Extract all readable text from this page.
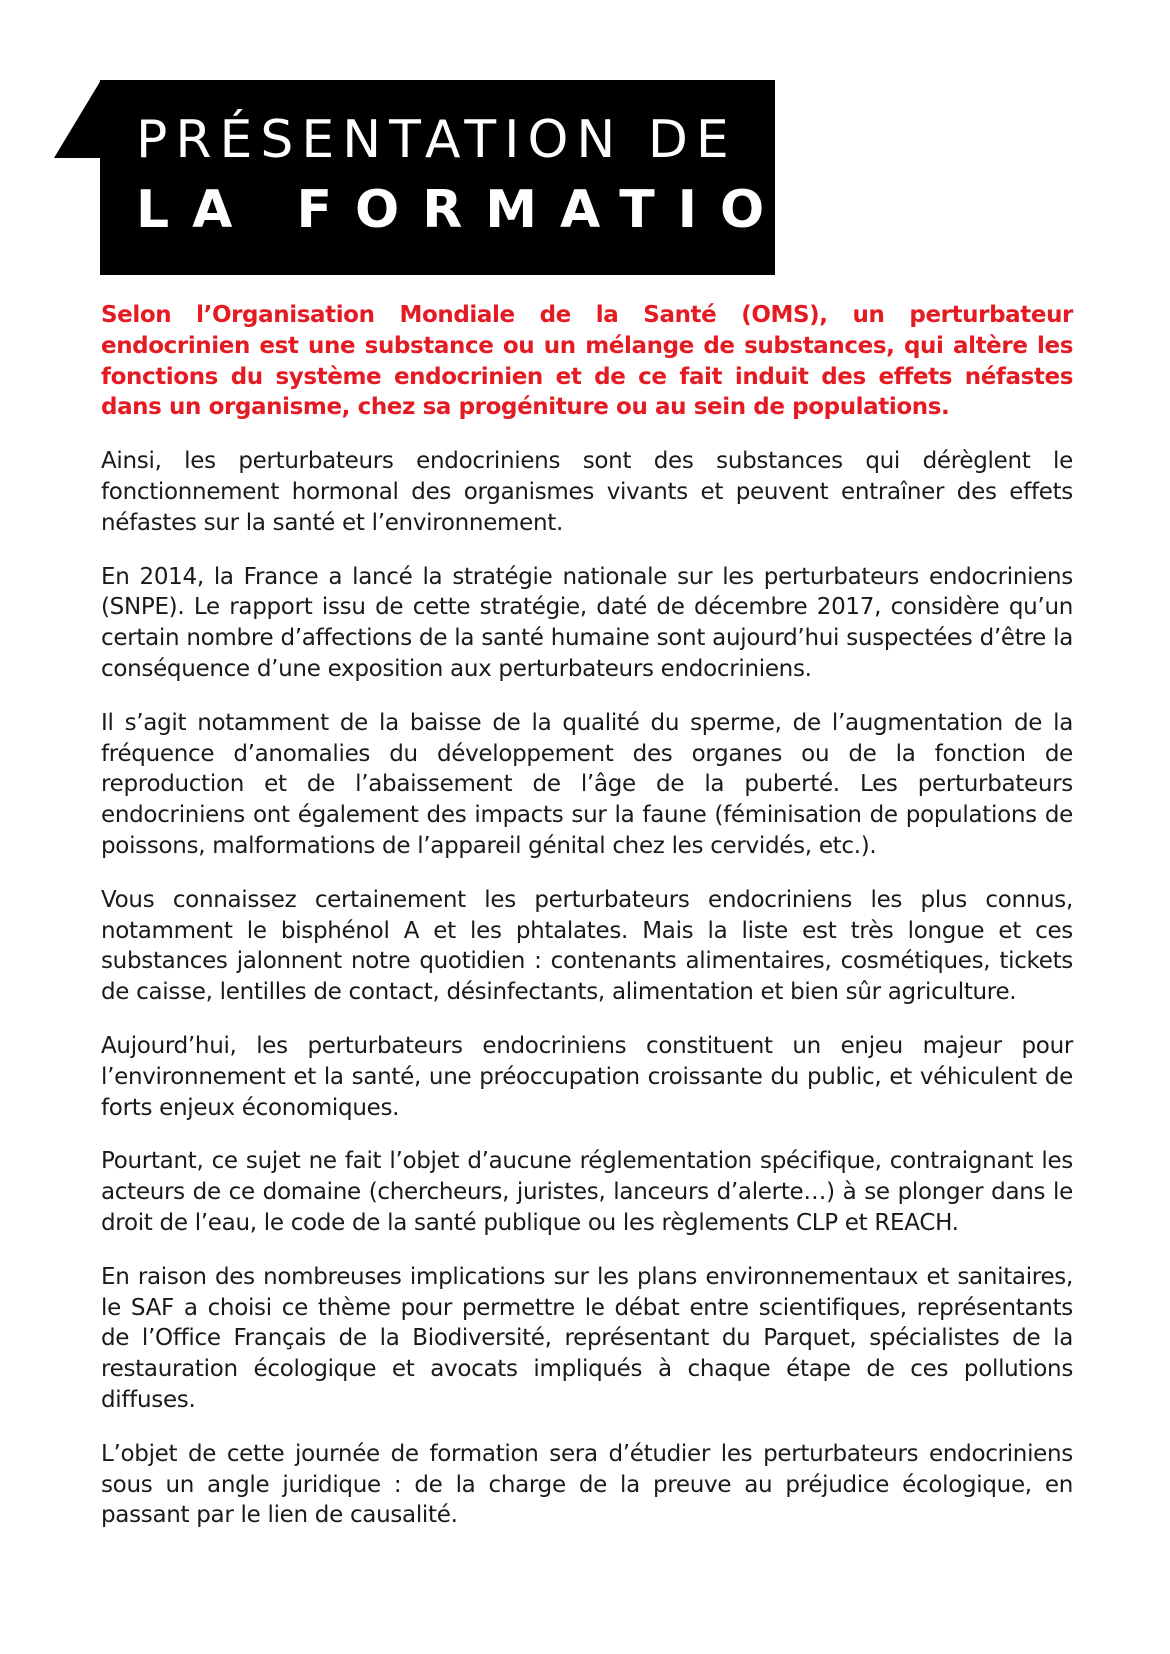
PRÉSENTATION DE
LA FORMATION

Selon l’Organisation Mondiale de la Santé (OMS), un perturbateur endocrinien est une substance ou un mélange de substances, qui altère les fonctions du système endocrinien et de ce fait induit des effets néfastes dans un organisme, chez sa progéniture ou au sein de populations.

Ainsi, les perturbateurs endocriniens sont des substances qui dérèglent le fonctionnement hormonal des organismes vivants et peuvent entraîner des effets néfastes sur la santé et l’environnement.

En 2014, la France a lancé la stratégie nationale sur les perturbateurs endocriniens (SNPE). Le rapport issu de cette stratégie, daté de décembre 2017, considère qu’un certain nombre d’affections de la santé humaine sont aujourd’hui suspectées d’être la conséquence d’une exposition aux perturbateurs endocriniens.

Il s’agit notamment de la baisse de la qualité du sperme, de l’augmentation de la fréquence d’anomalies du développement des organes ou de la fonction de reproduction et de l’abaissement de l’âge de la puberté. Les perturbateurs endocriniens ont également des impacts sur la faune (féminisation de populations de poissons, malformations de l’appareil génital chez les cervidés, etc.).

Vous connaissez certainement les perturbateurs endocriniens les plus connus, notamment le bisphénol A et les phtalates. Mais la liste est très longue et ces substances jalonnent notre quotidien : contenants alimentaires, cosmétiques, tickets de caisse, lentilles de contact, désinfectants, alimentation et bien sûr agriculture.

Aujourd’hui, les perturbateurs endocriniens constituent un enjeu majeur pour l’environnement et la santé, une préoccupation croissante du public, et véhiculent de forts enjeux économiques.

Pourtant, ce sujet ne fait l’objet d’aucune réglementation spécifique, contraignant les acteurs de ce domaine (chercheurs, juristes, lanceurs d’alerte…) à se plonger dans le droit de l’eau, le code de la santé publique ou les règlements CLP et REACH.

En raison des nombreuses implications sur les plans environnementaux et sanitaires, le SAF a choisi ce thème pour permettre le débat entre scientifiques, représentants de l’Office Français de la Biodiversité, représentant du Parquet, spécialistes de la restauration écologique et avocats impliqués à chaque étape de ces pollutions diffuses.

L’objet de cette journée de formation sera d’étudier les perturbateurs endocriniens sous un angle juridique : de la charge de la preuve au préjudice écologique, en passant par le lien de causalité.
